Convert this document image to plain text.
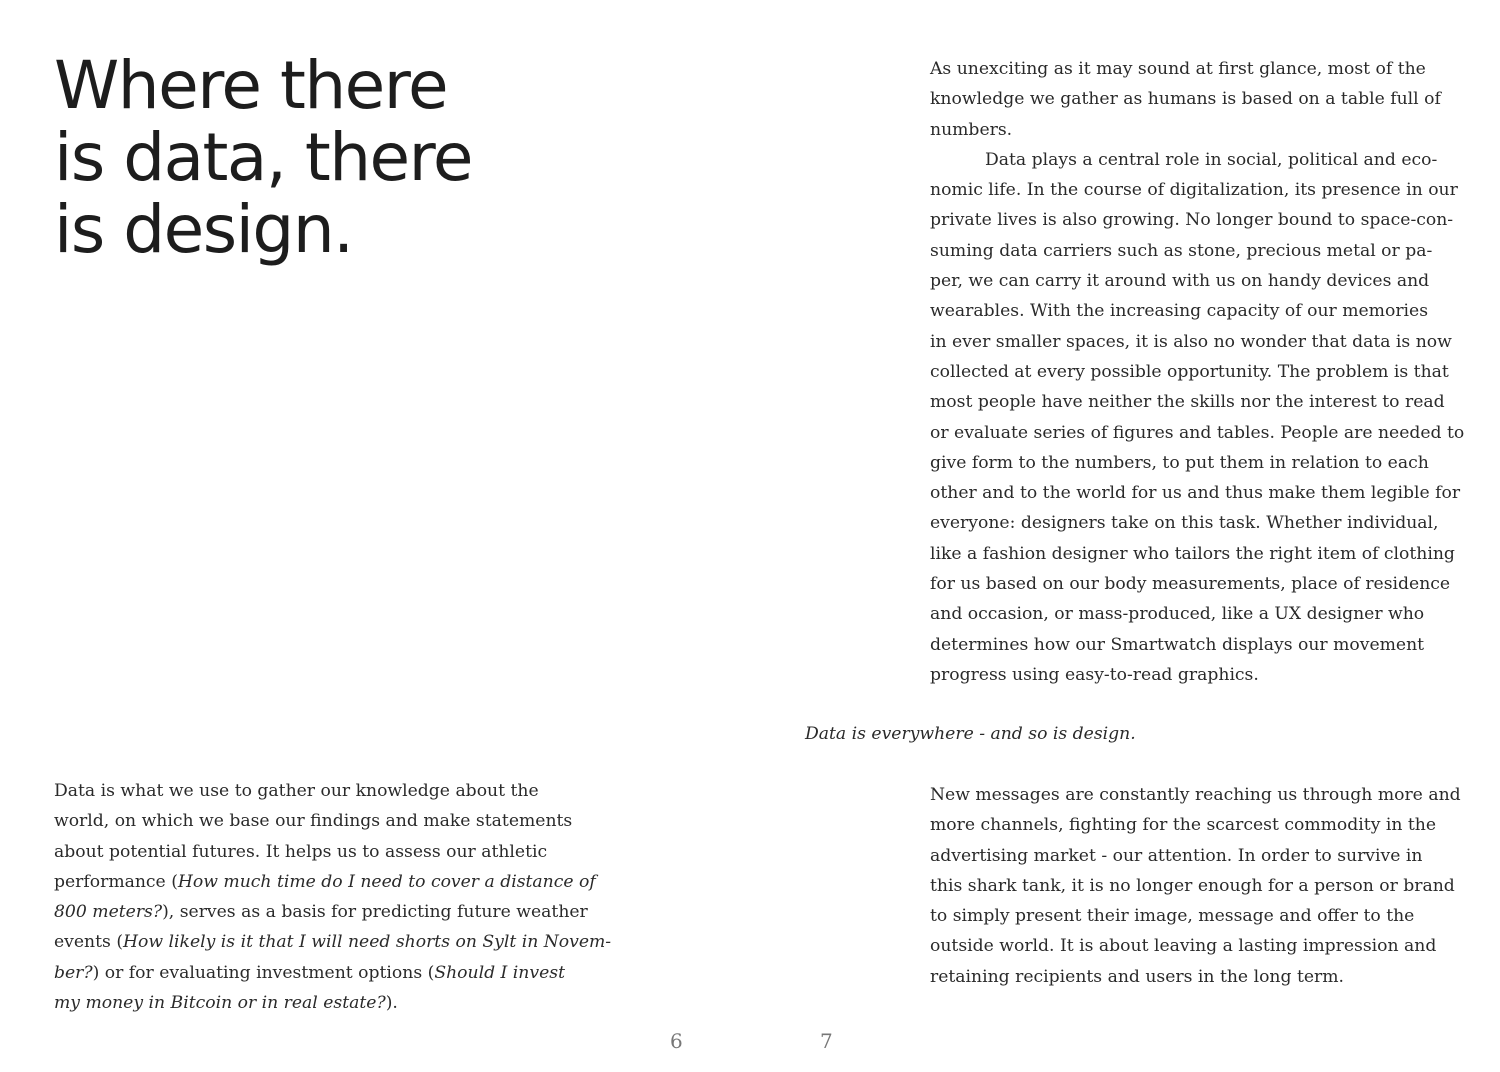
Where there
is data, there
is design.
Data is what we use to gather our knowledge about the
world, on which we base our findings and make statements
about potential futures. It helps us to assess our athletic
performance (How much time do I need to cover a distance of
800 meters?), serves as a basis for predicting future weather
events (How likely is it that I will need shorts on Sylt in Novem-
ber?) or for evaluating investment options (Should I invest
my money in Bitcoin or in real estate?).
As unexciting as it may sound at first glance, most of the
knowledge we gather as humans is based on a table full of
numbers.
Data plays a central role in social, political and eco-
nomic life. In the course of digitalization, its presence in our
private lives is also growing. No longer bound to space-con-
suming data carriers such as stone, precious metal or pa-
per, we can carry it around with us on handy devices and
wearables. With the increasing capacity of our memories
in ever smaller spaces, it is also no wonder that data is now
collected at every possible opportunity. The problem is that
most people have neither the skills nor the interest to read
or evaluate series of figures and tables. People are needed to
give form to the numbers, to put them in relation to each
other and to the world for us and thus make them legible for
everyone: designers take on this task. Whether individual,
like a fashion designer who tailors the right item of clothing
for us based on our body measurements, place of residence
and occasion, or mass-produced, like a UX designer who
determines how our Smartwatch displays our movement
progress using easy-to-read graphics.
Data is everywhere - and so is design.
New messages are constantly reaching us through more and
more channels, fighting for the scarcest commodity in the
advertising market - our attention. In order to survive in
this shark tank, it is no longer enough for a person or brand
to simply present their image, message and offer to the
outside world. It is about leaving a lasting impression and
retaining recipients and users in the long term.
6	7
